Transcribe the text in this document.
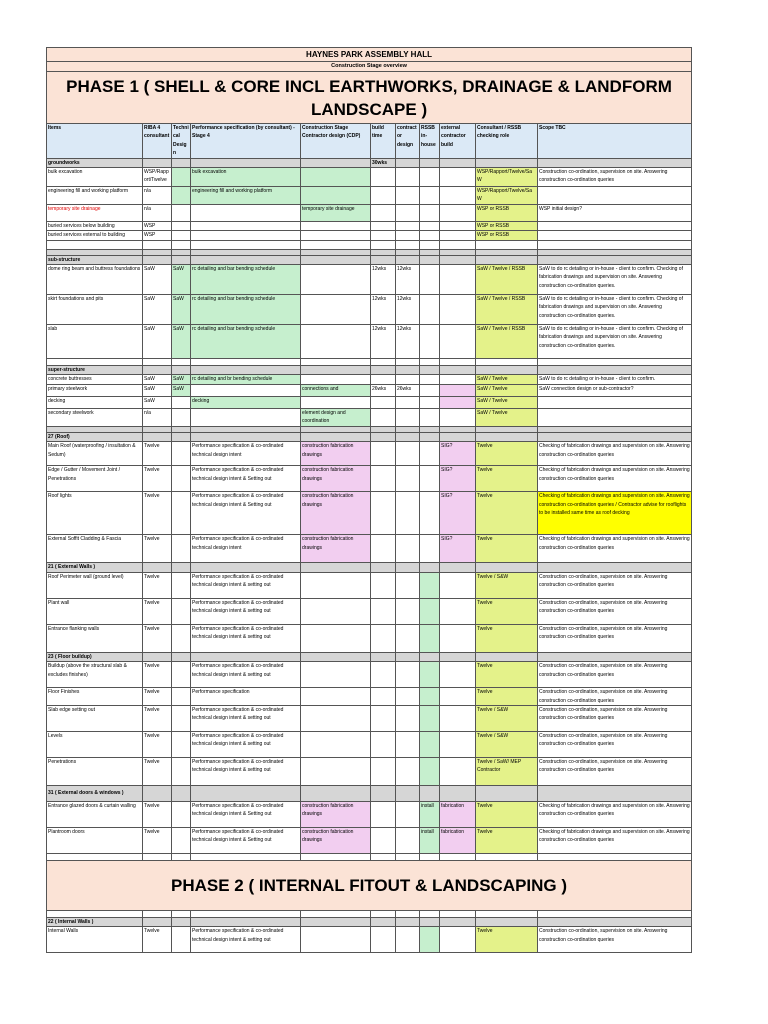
HAYNES PARK ASSEMBLY HALL										
Construction Stage overview										
PHASE 1 ( SHELL & CORE INCL EARTHWORKS, DRAINAGE & LANDFORM LANDSCAPE )										
Items	RIBA 4 consultant	Technical Design	Performance specification (by consultant) - Stage 4	Construction Stage Contractor design (CDP)	build time	contractor design	RSSB in-house	external contractor build	Consultant / RSSB checking role	Scope TBC
groundworks					30wks					
bulk excavation	WSP/Rapport/Twelve		bulk excavation						WSP/Rapport/Twelve/SaW	Construction co-ordination, supervision on site. Answering construction co-ordination queries
engineering fill and working platform	n/a		engineering fill and working platform						WSP/Rapport/Twelve/SaW	
temporary site drainage	n/a			temporary site drainage					WSP or RSSB	WSP initial design?
buried services below building	WSP								WSP or RSSB	
buried services external to building	WSP								WSP or RSSB	

sub-structure										
dome ring beam and buttress foundations	SaW	SaW	rc detailing and bar bending schedule		12wks	12wks			SaW / Twelve / RSSB	SaW to do rc detailing or in-house - client to confirm. Checking of fabrication drawings and supervision on site. Answering construction co-ordination queries.
skirt foundations and pits	SaW	SaW	rc detailing and bar bending schedule		12wks	12wks			SaW / Twelve / RSSB	SaW to do rc detailing or in-house - client to confirm. Checking of fabrication drawings and supervision on site. Answering construction co-ordination queries.
slab	SaW	SaW	rc detailing and bar bending schedule		12wks	12wks			SaW / Twelve / RSSB	SaW to do rc detailing or in-house - client to confirm. Checking of fabrication drawings and supervision on site. Answering construction co-ordination queries.

super-structure										
concrete buttresses	SaW	SaW	rc detailing and br bending schedule						SaW / Twelve	SaW to do rc detailing or in-house - client to confirm.
primary steelwork	SaW	SaW		connections and	26wks	26wks			SaW / Twelve	SaW connection design or sub-contractor?
decking	SaW		decking						SaW / Twelve	
secondary steelwork	n/a			element design and coordination					SaW / Twelve	

27 (Roof)										
Main Roof (waterproofing / insultation & Sedum)	Twelve		Performance specification & co-ordinated technical design intent	construction fabrication drawings				SIG?	Twelve	Checking of fabrication drawings and supervision on site. Answering construction co-ordination queries
Edge / Gutter / Movement Joint / Penetrations	Twelve		Performance specification & co-ordinated technical design intent & Setting out	construction fabrication drawings				SIG?	Twelve	Checking of fabrication drawings and supervision on site. Answering construction co-ordination queries
Roof lights	Twelve		Performance specification & co-ordinated technical design intent & Setting out	construction fabrication drawings				SIG?	Twelve	Checking of fabrication drawings and supervision on site. Answering construction co-ordination queries / Contractor advise for rooflights to be installed same time as roof decking
External Soffit Cladding & Fascia	Twelve		Performance specification & co-ordinated technical design intent	construction fabrication drawings				SIG?	Twelve	Checking of fabrication drawings and supervision on site. Answering construction co-ordination queries
21 ( External Walls )										
Roof Perimeter wall (ground level)	Twelve		Performance specification & co-ordinated technical design intent & setting out						Twelve / S&W	Construction co-ordination, supervision on site. Answering construction co-ordination queries
Plant wall	Twelve		Performance specification & co-ordinated technical design intent & setting out						Twelve	Construction co-ordination, supervision on site. Answering construction co-ordination queries
Entrance flanking walls	Twelve		Performance specification & co-ordinated technical design intent & setting out						Twelve	Construction co-ordination, supervision on site. Answering construction co-ordination queries
23 ( Floor buildup)										
Buildup (above the structural slab & excludes finishes)	Twelve		Performance specification & co-ordinated technical design intent & setting out						Twelve	Construction co-ordination, supervision on site. Answering construction co-ordination queries
Floor Finishes	Twelve		Performance specification						Twelve	Construction co-ordination, supervision on site. Answering construction co-ordination queries
Slab edge setting out	Twelve		Performance specification & co-ordinated technical design intent & setting out						Twelve / S&W	Construction co-ordination, supervision on site. Answering construction co-ordination queries
Levels	Twelve		Performance specification & co-ordinated technical design intent & setting out						Twelve / S&W	Construction co-ordination, supervision on site. Answering construction co-ordination queries
Penetrations	Twelve		Performance specification & co-ordinated technical design intent & setting out						Twelve / SaW/ MEP Contractor	Construction co-ordination, supervision on site. Answering construction co-ordination queries
31 ( External doors & windows )										
Entrance glazed doors & curtain walling	Twelve		Performance specification & co-ordinated technical design intent & Setting out	construction fabrication drawings			install	fabrication	Twelve	Checking of fabrication drawings and supervision on site. Answering construction co-ordination queries
Plantroom doors	Twelve		Performance specification & co-ordinated technical design intent & Setting out	construction fabrication drawings			install	fabrication	Twelve	Checking of fabrication drawings and supervision on site. Answering construction co-ordination queries

PHASE 2 ( INTERNAL FITOUT & LANDSCAPING )										

22 ( Internal Walls )										
Internal Walls	Twelve		Performance specification & co-ordinated technical design intent & setting out						Twelve	Construction co-ordination, supervision on site. Answering construction co-ordination queries
